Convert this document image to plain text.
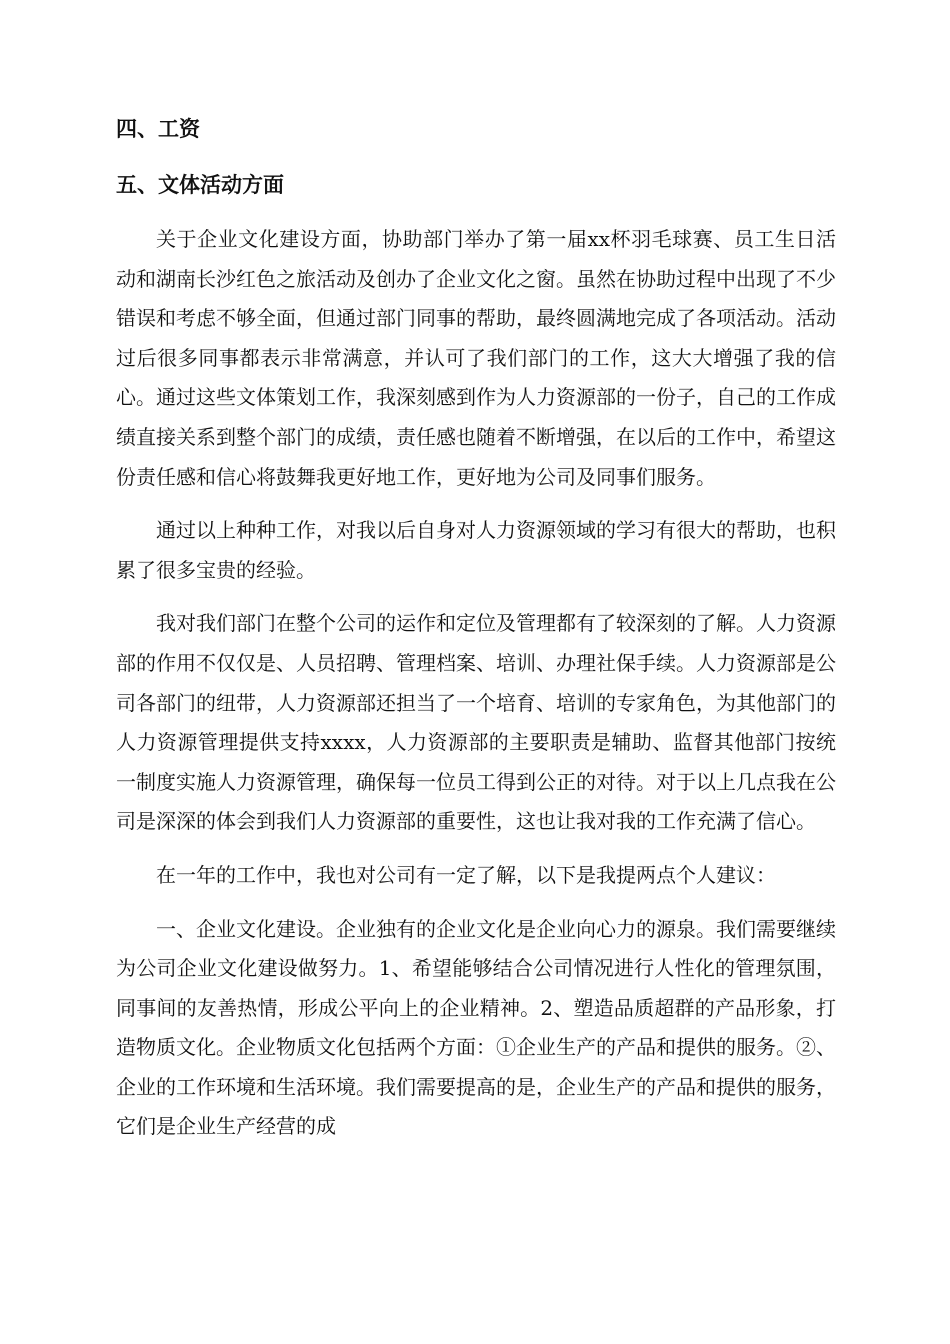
四、工资
五、文体活动方面

关于企业文化建设方面，协助部门举办了第一届xx杯羽毛球赛、员工生日活动和湖南长沙红色之旅活动及创办了企业文化之窗。虽然在协助过程中出现了不少错误和考虑不够全面，但通过部门同事的帮助，最终圆满地完成了各项活动。活动过后很多同事都表示非常满意，并认可了我们部门的工作，这大大增强了我的信心。通过这些文体策划工作，我深刻感到作为人力资源部的一份子，自己的工作成绩直接关系到整个部门的成绩，责任感也随着不断增强，在以后的工作中，希望这份责任感和信心将鼓舞我更好地工作，更好地为公司及同事们服务。

通过以上种种工作，对我以后自身对人力资源领域的学习有很大的帮助，也积累了很多宝贵的经验。

我对我们部门在整个公司的运作和定位及管理都有了较深刻的了解。人力资源部的作用不仅仅是、人员招聘、管理档案、培训、办理社保手续。人力资源部是公司各部门的纽带，人力资源部还担当了一个培育、培训的专家角色，为其他部门的人力资源管理提供支持xxxx，人力资源部的主要职责是辅助、监督其他部门按统一制度实施人力资源管理，确保每一位员工得到公正的对待。对于以上几点我在公司是深深的体会到我们人力资源部的重要性，这也让我对我的工作充满了信心。

在一年的工作中，我也对公司有一定了解，以下是我提两点个人建议：

一、企业文化建设。企业独有的企业文化是企业向心力的源泉。我们需要继续为公司企业文化建设做努力。1、希望能够结合公司情况进行人性化的管理氛围，同事间的友善热情，形成公平向上的企业精神。2、塑造品质超群的产品形象，打造物质文化。企业物质文化包括两个方面：①企业生产的产品和提供的服务。②、企业的工作环境和生活环境。我们需要提高的是，企业生产的产品和提供的服务，它们是企业生产经营的成
